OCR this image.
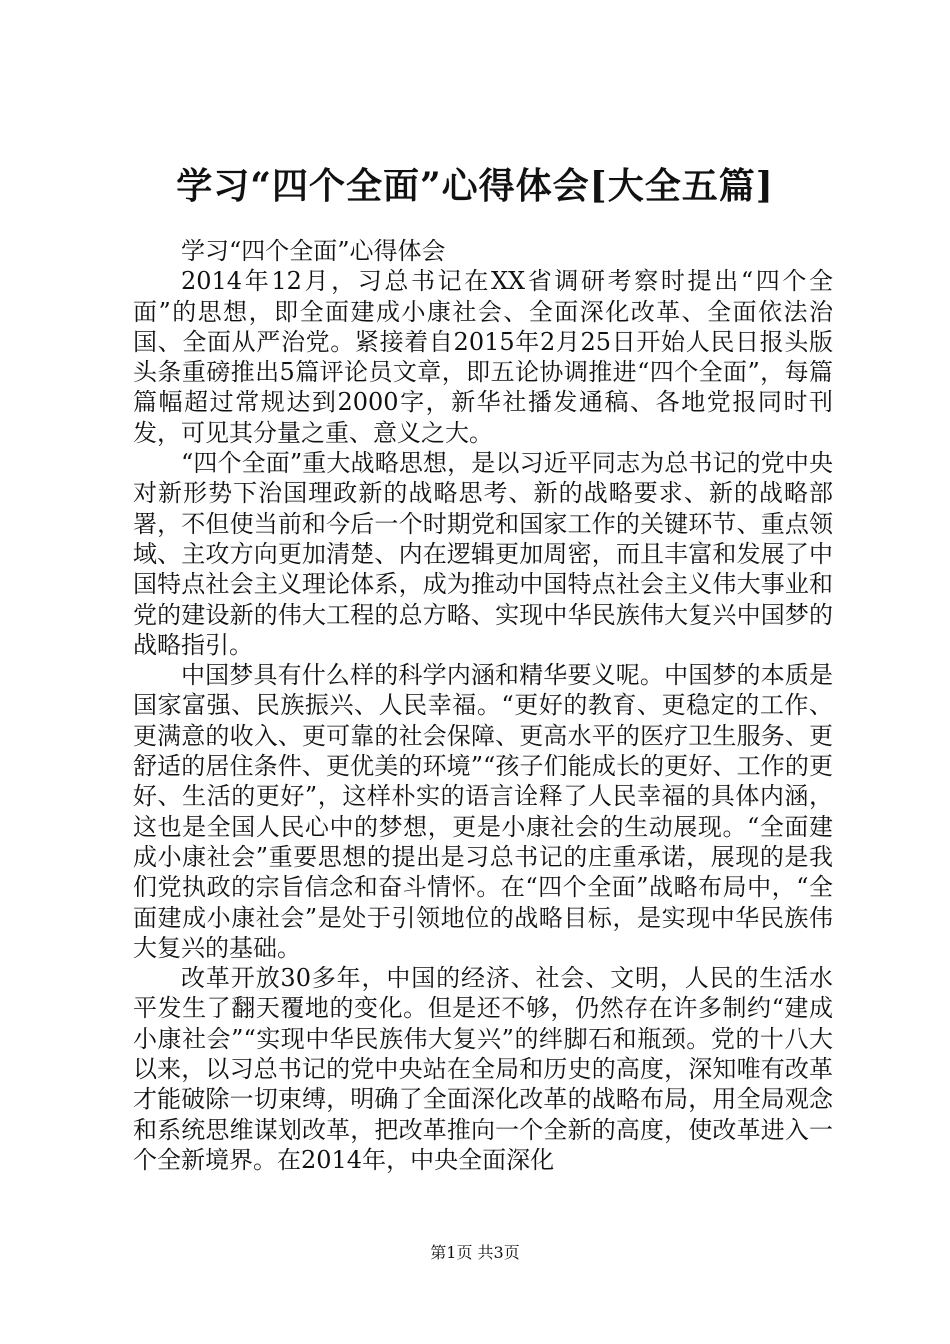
学习“四个全面”心得体会[大全五篇]

学习“四个全面”心得体会

2014年12月，习总书记在XX省调研考察时提出“四个全面”的思想，即全面建成小康社会、全面深化改革、全面依法治国、全面从严治党。紧接着自2015年2月25日开始人民日报头版头条重磅推出5篇评论员文章，即五论协调推进“四个全面”，每篇篇幅超过常规达到2000字，新华社播发通稿、各地党报同时刊发，可见其分量之重、意义之大。

“四个全面”重大战略思想，是以习近平同志为总书记的党中央对新形势下治国理政新的战略思考、新的战略要求、新的战略部署，不但使当前和今后一个时期党和国家工作的关键环节、重点领域、主攻方向更加清楚、内在逻辑更加周密，而且丰富和发展了中国特点社会主义理论体系，成为推动中国特点社会主义伟大事业和党的建设新的伟大工程的总方略、实现中华民族伟大复兴中国梦的战略指引。

中国梦具有什么样的科学内涵和精华要义呢。中国梦的本质是国家富强、民族振兴、人民幸福。“更好的教育、更稳定的工作、更满意的收入、更可靠的社会保障、更高水平的医疗卫生服务、更舒适的居住条件、更优美的环境”“孩子们能成长的更好、工作的更好、生活的更好”，这样朴实的语言诠释了人民幸福的具体内涵，这也是全国人民心中的梦想，更是小康社会的生动展现。“全面建成小康社会”重要思想的提出是习总书记的庄重承诺，展现的是我们党执政的宗旨信念和奋斗情怀。在“四个全面”战略布局中，“全面建成小康社会”是处于引领地位的战略目标，是实现中华民族伟大复兴的基础。

改革开放30多年，中国的经济、社会、文明，人民的生活水平发生了翻天覆地的变化。但是还不够，仍然存在许多制约“建成小康社会”“实现中华民族伟大复兴”的绊脚石和瓶颈。党的十八大以来，以习总书记的党中央站在全局和历史的高度，深知唯有改革才能破除一切束缚，明确了全面深化改革的战略布局，用全局观念和系统思维谋划改革，把改革推向一个全新的高度，使改革进入一个全新境界。在2014年，中央全面深化

第1页 共3页
